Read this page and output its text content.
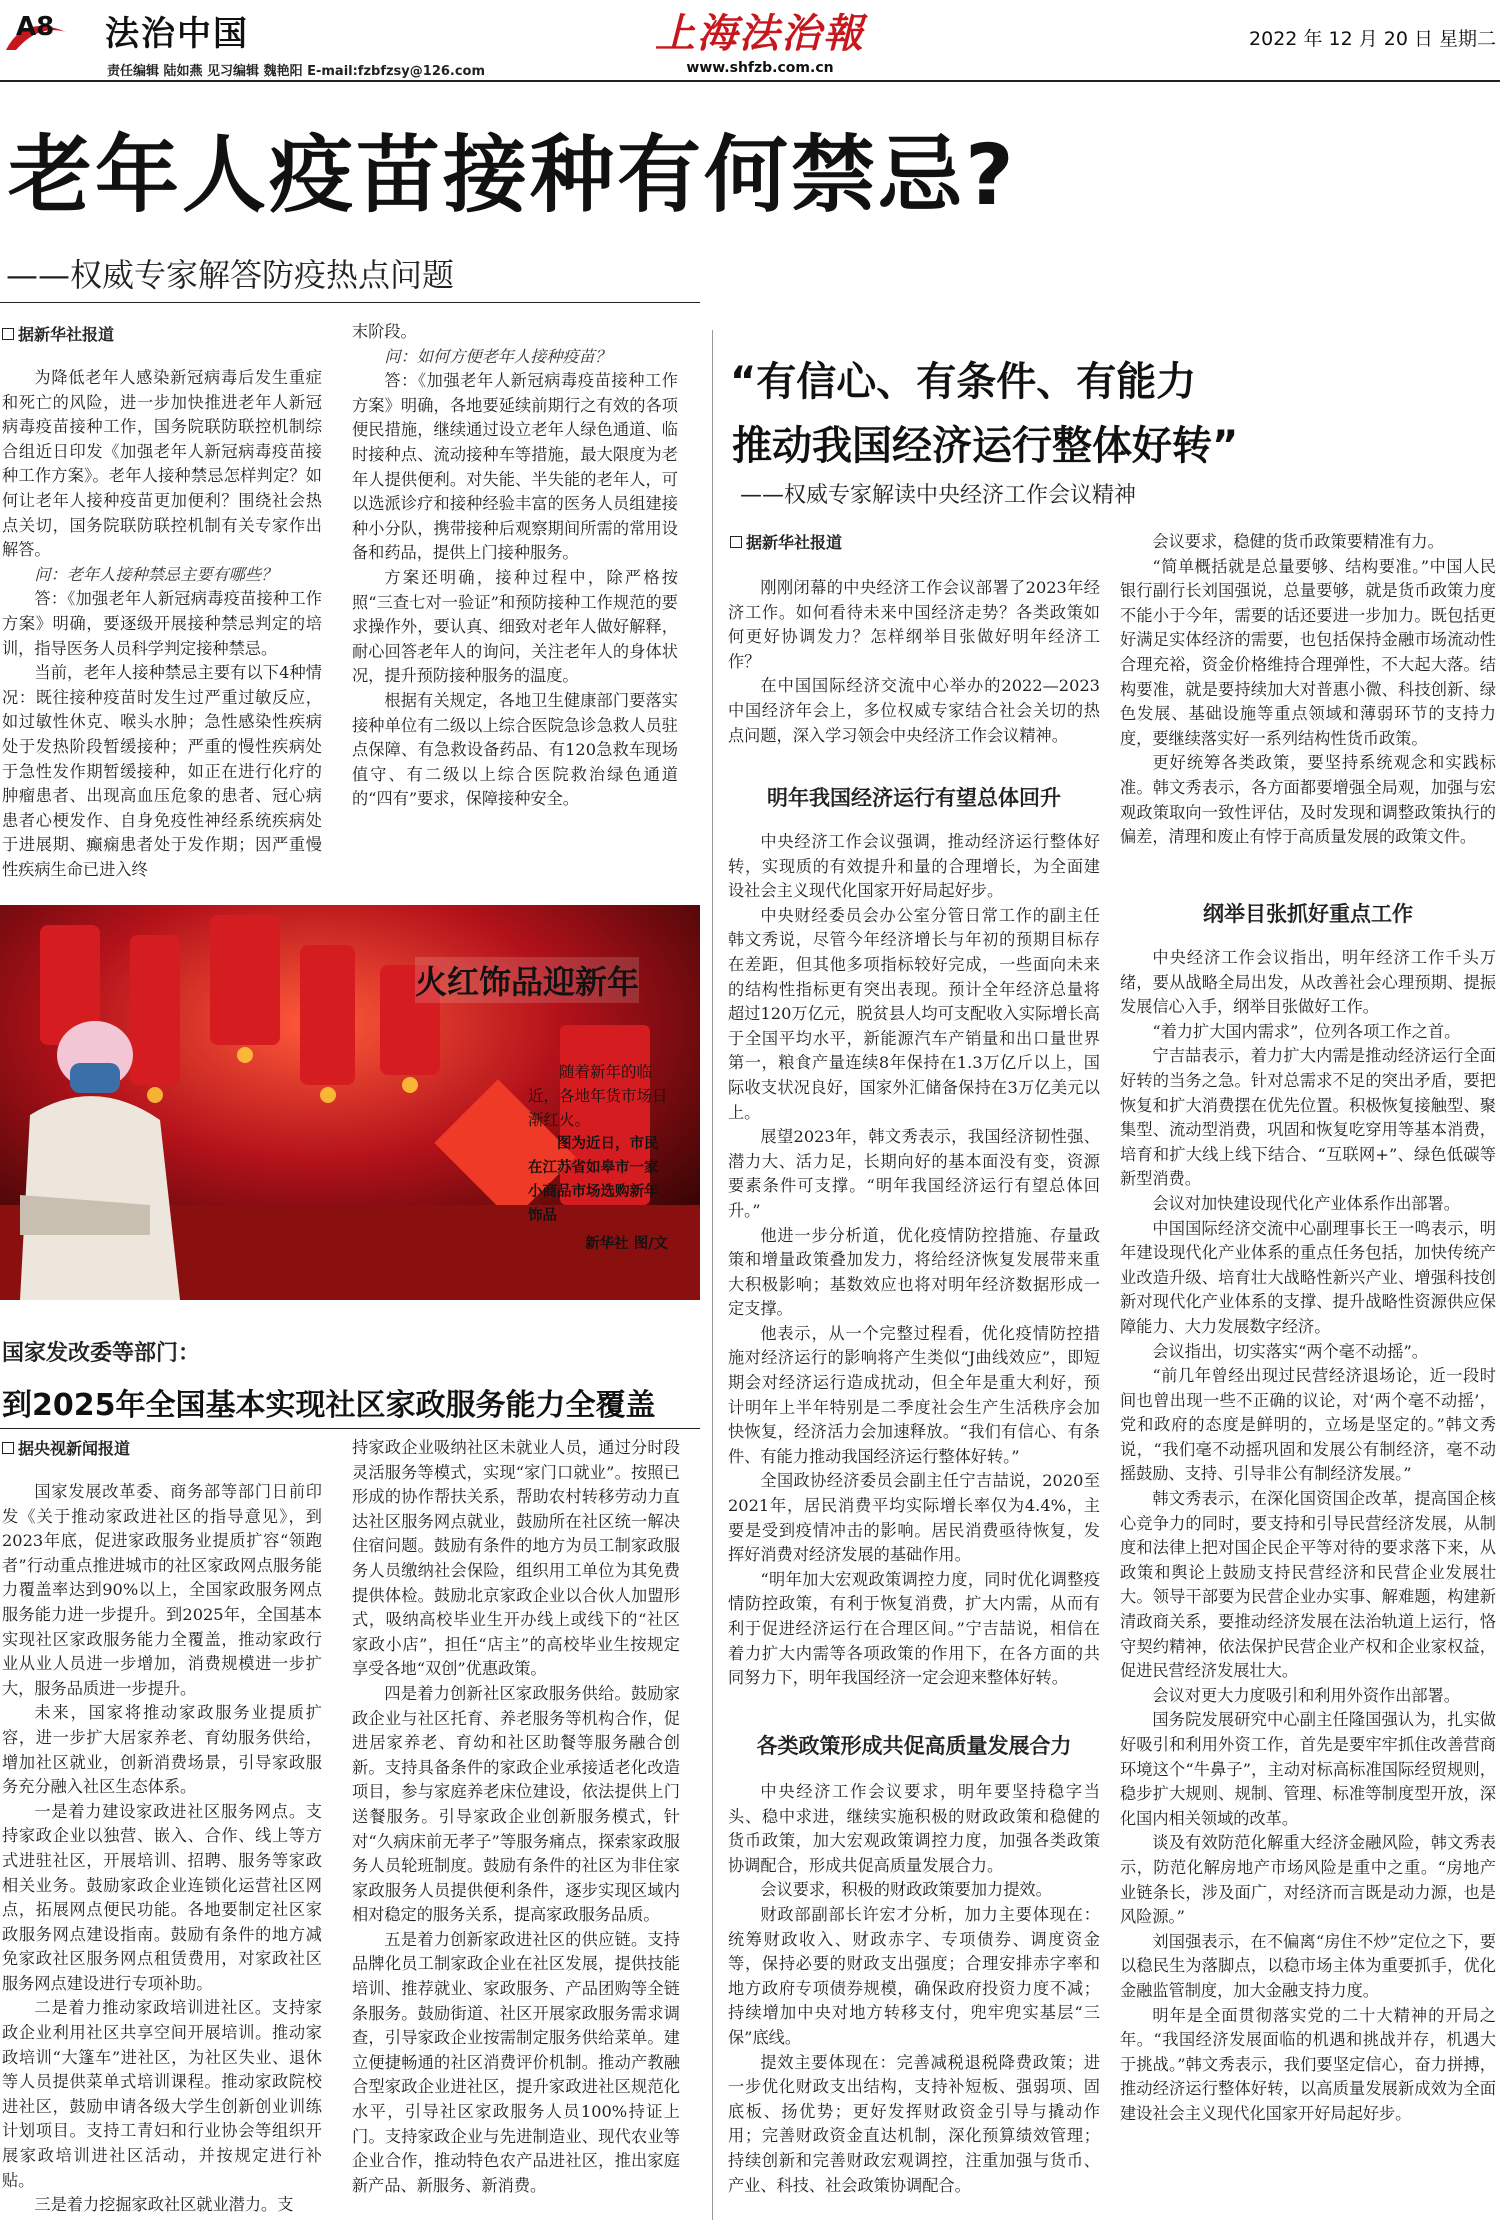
A8 法治中国
责任编辑 陆如燕 见习编辑 魏艳阳 E-mail:fzbfzsy@126.com
上海法治報
www.shfzb.com.cn
2022 年 12 月 20 日 星期二
老年人疫苗接种有何禁忌?
——权威专家解答防疫热点问题
据新华社报道

为降低老年人感染新冠病毒后发生重症和死亡的风险，进一步加快推进老年人新冠病毒疫苗接种工作，国务院联防联控机制综合组近日印发《加强老年人新冠病毒疫苗接种工作方案》。老年人接种禁忌怎样判定？如何让老年人接种疫苗更加便利？围绕社会热点关切，国务院联防联控机制有关专家作出解答。

问：老年人接种禁忌主要有哪些？

答：《加强老年人新冠病毒疫苗接种工作方案》明确，要逐级开展接种禁忌判定的培训，指导医务人员科学判定接种禁忌。

当前，老年人接种禁忌主要有以下4种情况：既往接种疫苗时发生过严重过敏反应，如过敏性休克、喉头水肿；急性感染性疾病处于发热阶段暂缓接种；严重的慢性疾病处于急性发作期暂缓接种，如正在进行化疗的肿瘤患者、出现高血压危象的患者、冠心病患者心梗发作、自身免疫性神经系统疾病处于进展期、癫痫患者处于发作期；因严重慢性疾病生命已进入终

末阶段。

问：如何方便老年人接种疫苗？

答：《加强老年人新冠病毒疫苗接种工作方案》明确，各地要延续前期行之有效的各项便民措施，继续通过设立老年人绿色通道、临时接种点、流动接种车等措施，最大限度为老年人提供便利。对失能、半失能的老年人，可以选派诊疗和接种经验丰富的医务人员组建接种小分队，携带接种后观察期间所需的常用设备和药品，提供上门接种服务。

方案还明确，接种过程中，除严格按照“三查七对一验证”和预防接种工作规范的要求操作外，要认真、细致对老年人做好解释，耐心回答老年人的询问，关注老年人的身体状况，提升预防接种服务的温度。

根据有关规定，各地卫生健康部门要落实接种单位有二级以上综合医院急诊急救人员驻点保障、有急救设备药品、有120急救车现场值守、有二级以上综合医院救治绿色通道的“四有”要求，保障接种安全。

火红饰品迎新年

随着新年的临近，各地年货市场日渐红火。

图为近日，市民在江苏省如皋市一家小商品市场选购新年饰品

新华社 图/文

国家发改委等部门：
到2025年全国基本实现社区家政服务能力全覆盖
据央视新闻报道

国家发展改革委、商务部等部门日前印发《关于推动家政进社区的指导意见》，到2023年底，促进家政服务业提质扩容“领跑者”行动重点推进城市的社区家政网点服务能力覆盖率达到90%以上，全国家政服务网点服务能力进一步提升。到2025年，全国基本实现社区家政服务能力全覆盖，推动家政行业从业人员进一步增加，消费规模进一步扩大，服务品质进一步提升。

未来，国家将推动家政服务业提质扩容，进一步扩大居家养老、育幼服务供给，增加社区就业，创新消费场景，引导家政服务充分融入社区生态体系。

一是着力建设家政进社区服务网点。支持家政企业以独营、嵌入、合作、线上等方式进驻社区，开展培训、招聘、服务等家政相关业务。鼓励家政企业连锁化运营社区网点，拓展网点便民功能。各地要制定社区家政服务网点建设指南。鼓励有条件的地方减免家政社区服务网点租赁费用，对家政社区服务网点建设进行专项补助。

二是着力推动家政培训进社区。支持家政企业利用社区共享空间开展培训。推动家政培训“大篷车”进社区，为社区失业、退休等人员提供菜单式培训课程。推动家政院校进社区，鼓励申请各级大学生创新创业训练计划项目。支持工青妇和行业协会等组织开展家政培训进社区活动，并按规定进行补贴。

三是着力挖掘家政社区就业潜力。支

持家政企业吸纳社区未就业人员，通过分时段灵活服务等模式，实现“家门口就业”。按照已形成的协作帮扶关系，帮助农村转移劳动力直达社区服务网点就业，鼓励所在社区统一解决住宿问题。鼓励有条件的地方为员工制家政服务人员缴纳社会保险，组织用工单位为其免费提供体检。鼓励北京家政企业以合伙人加盟形式，吸纳高校毕业生开办线上或线下的“社区家政小店”，担任“店主”的高校毕业生按规定享受各地“双创”优惠政策。

四是着力创新社区家政服务供给。鼓励家政企业与社区托育、养老服务等机构合作，促进居家养老、育幼和社区助餐等服务融合创新。支持具备条件的家政企业承接适老化改造项目，参与家庭养老床位建设，依法提供上门送餐服务。引导家政企业创新服务模式，针对“久病床前无孝子”等服务痛点，探索家政服务人员轮班制度。鼓励有条件的社区为非住家家政服务人员提供便利条件，逐步实现区域内相对稳定的服务关系，提高家政服务品质。

五是着力创新家政进社区的供应链。支持品牌化员工制家政企业在社区发展，提供技能培训、推荐就业、家政服务、产品团购等全链条服务。鼓励街道、社区开展家政服务需求调查，引导家政企业按需制定服务供给菜单。建立便捷畅通的社区消费评价机制。推动产教融合型家政企业进社区，提升家政进社区规范化水平，引导社区家政服务人员100%持证上门。支持家政企业与先进制造业、现代农业等企业合作，推动特色农产品进社区，推出家庭新产品、新服务、新消费。

“有信心、有条件、有能力
推动我国经济运行整体好转”
——权威专家解读中央经济工作会议精神
据新华社报道

刚刚闭幕的中央经济工作会议部署了2023年经济工作。如何看待未来中国经济走势？各类政策如何更好协调发力？怎样纲举目张做好明年经济工作？

在中国国际经济交流中心举办的2022—2023中国经济年会上，多位权威专家结合社会关切的热点问题，深入学习领会中央经济工作会议精神。

明年我国经济运行有望总体回升

中央经济工作会议强调，推动经济运行整体好转，实现质的有效提升和量的合理增长，为全面建设社会主义现代化国家开好局起好步。

中央财经委员会办公室分管日常工作的副主任韩文秀说，尽管今年经济增长与年初的预期目标存在差距，但其他多项指标较好完成，一些面向未来的结构性指标更有突出表现。预计全年经济总量将超过120万亿元，脱贫县人均可支配收入实际增长高于全国平均水平，新能源汽车产销量和出口量世界第一，粮食产量连续8年保持在1.3万亿斤以上，国际收支状况良好，国家外汇储备保持在3万亿美元以上。

展望2023年，韩文秀表示，我国经济韧性强、潜力大、活力足，长期向好的基本面没有变，资源要素条件可支撑。“明年我国经济运行有望总体回升。”

他进一步分析道，优化疫情防控措施、存量政策和增量政策叠加发力，将给经济恢复发展带来重大积极影响；基数效应也将对明年经济数据形成一定支撑。

他表示，从一个完整过程看，优化疫情防控措施对经济运行的影响将产生类似“J曲线效应”，即短期会对经济运行造成扰动，但全年是重大利好，预计明年上半年特别是二季度社会生产生活秩序会加快恢复，经济活力会加速释放。“我们有信心、有条件、有能力推动我国经济运行整体好转。”

全国政协经济委员会副主任宁吉喆说，2020至2021年，居民消费平均实际增长率仅为4.4%，主要是受到疫情冲击的影响。居民消费亟待恢复，发挥好消费对经济发展的基础作用。

“明年加大宏观政策调控力度，同时优化调整疫情防控政策，有利于恢复消费，扩大内需，从而有利于促进经济运行在合理区间。”宁吉喆说，相信在着力扩大内需等各项政策的作用下，在各方面的共同努力下，明年我国经济一定会迎来整体好转。

各类政策形成共促高质量发展合力

中央经济工作会议要求，明年要坚持稳字当头、稳中求进，继续实施积极的财政政策和稳健的货币政策，加大宏观政策调控力度，加强各类政策协调配合，形成共促高质量发展合力。

会议要求，积极的财政政策要加力提效。

财政部副部长许宏才分析，加力主要体现在：统筹财政收入、财政赤字、专项债券、调度资金等，保持必要的财政支出强度；合理安排赤字率和地方政府专项债券规模，确保政府投资力度不减；持续增加中央对地方转移支付，兜牢兜实基层“三保”底线。

提效主要体现在：完善减税退税降费政策；进一步优化财政支出结构，支持补短板、强弱项、固底板、扬优势；更好发挥财政资金引导与撬动作用；完善财政资金直达机制，深化预算绩效管理；持续创新和完善财政宏观调控，注重加强与货币、产业、科技、社会政策协调配合。

会议要求，稳健的货币政策要精准有力。

“简单概括就是总量要够、结构要准。”中国人民银行副行长刘国强说，总量要够，就是货币政策力度不能小于今年，需要的话还要进一步加力。既包括更好满足实体经济的需要，也包括保持金融市场流动性合理充裕，资金价格维持合理弹性，不大起大落。结构要准，就是要持续加大对普惠小微、科技创新、绿色发展、基础设施等重点领域和薄弱环节的支持力度，要继续落实好一系列结构性货币政策。

更好统筹各类政策，要坚持系统观念和实践标准。韩文秀表示，各方面都要增强全局观，加强与宏观政策取向一致性评估，及时发现和调整政策执行的偏差，清理和废止有悖于高质量发展的政策文件。

纲举目张抓好重点工作

中央经济工作会议指出，明年经济工作千头万绪，要从战略全局出发，从改善社会心理预期、提振发展信心入手，纲举目张做好工作。

“着力扩大国内需求”，位列各项工作之首。

宁吉喆表示，着力扩大内需是推动经济运行全面好转的当务之急。针对总需求不足的突出矛盾，要把恢复和扩大消费摆在优先位置。积极恢复接触型、聚集型、流动型消费，巩固和恢复吃穿用等基本消费，培育和扩大线上线下结合、“互联网+”、绿色低碳等新型消费。

会议对加快建设现代化产业体系作出部署。

中国国际经济交流中心副理事长王一鸣表示，明年建设现代化产业体系的重点任务包括，加快传统产业改造升级、培育壮大战略性新兴产业、增强科技创新对现代化产业体系的支撑、提升战略性资源供应保障能力、大力发展数字经济。

会议指出，切实落实“两个毫不动摇”。

“前几年曾经出现过民营经济退场论，近一段时间也曾出现一些不正确的议论，对‘两个毫不动摇’，党和政府的态度是鲜明的，立场是坚定的。”韩文秀说，“我们毫不动摇巩固和发展公有制经济，毫不动摇鼓励、支持、引导非公有制经济发展。”

韩文秀表示，在深化国资国企改革，提高国企核心竞争力的同时，要支持和引导民营经济发展，从制度和法律上把对国企民企平等对待的要求落下来，从政策和舆论上鼓励支持民营经济和民营企业发展壮大。领导干部要为民营企业办实事、解难题，构建新清政商关系，要推动经济发展在法治轨道上运行，恪守契约精神，依法保护民营企业产权和企业家权益，促进民营经济发展壮大。

会议对更大力度吸引和利用外资作出部署。

国务院发展研究中心副主任隆国强认为，扎实做好吸引和利用外资工作，首先是要牢牢抓住改善营商环境这个“牛鼻子”，主动对标高标准国际经贸规则，稳步扩大规则、规制、管理、标准等制度型开放，深化国内相关领域的改革。

谈及有效防范化解重大经济金融风险，韩文秀表示，防范化解房地产市场风险是重中之重。“房地产业链条长，涉及面广，对经济而言既是动力源，也是风险源。”

刘国强表示，在不偏离“房住不炒”定位之下，要以稳民生为落脚点，以稳市场主体为重要抓手，优化金融监管制度，加大金融支持力度。

明年是全面贯彻落实党的二十大精神的开局之年。“我国经济发展面临的机遇和挑战并存，机遇大于挑战。”韩文秀表示，我们要坚定信心，奋力拼搏，推动经济运行整体好转，以高质量发展新成效为全面建设社会主义现代化国家开好局起好步。
